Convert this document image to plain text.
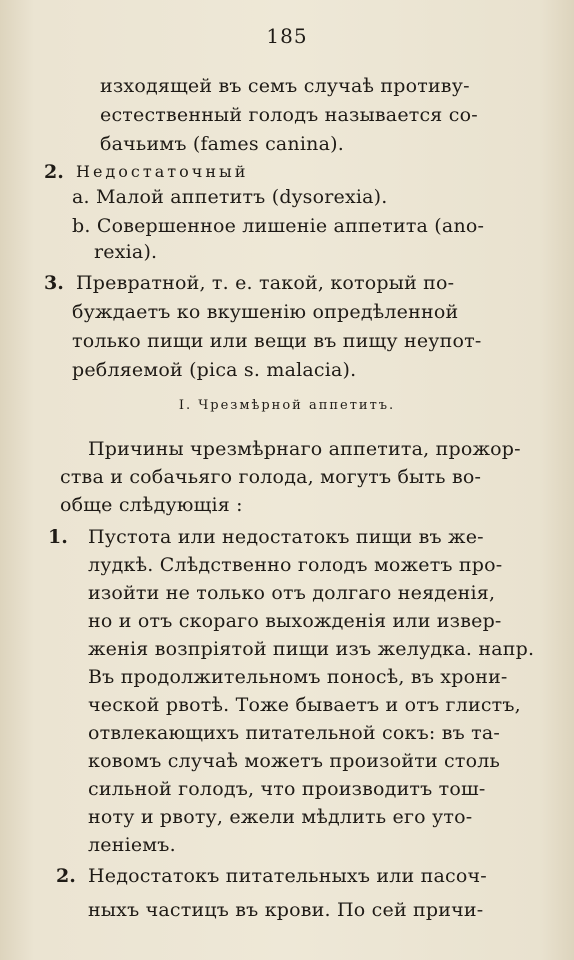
185
изходящей въ семъ случаѣ противу-
естественный голодъ называется со-
бачьимъ (fames canina).
2. Недостаточный
a. Малой аппетитъ (dysorexia).
b. Совершенное лишеніе аппетита (ano-
rexia).
3. Превратной, т. е. такой, который по-
буждаетъ ко вкушенію опредѣленной
только пищи или вещи въ пищу неупот-
ребляемой (pica s. malacia).
I. Чрезмѣрной аппетитъ.
Причины чрезмѣрнаго аппетита, прожор-
ства и собачьяго голода, могутъ быть во-
обще слѣдующія :
1. Пустота или недостатокъ пищи въ же-
лудкѣ. Слѣдственно голодъ можетъ про-
изойти не только отъ долгаго неяденія,
но и отъ скораго выхожденія или извер-
женія возпріятой пищи изъ желудка. напр.
Въ продолжительномъ поносѣ, въ хрони-
ческой рвотѣ. Тоже бываетъ и отъ глистъ,
отвлекающихъ питательной сокъ: въ та-
ковомъ случаѣ можетъ произойти столь
сильной голодъ, что производитъ тош-
ноту и рвоту, ежели мѣдлить его уто-
леніемъ.
2. Недостатокъ питательныхъ или пасоч-
ныхъ частицъ въ крови. По сей причи-
